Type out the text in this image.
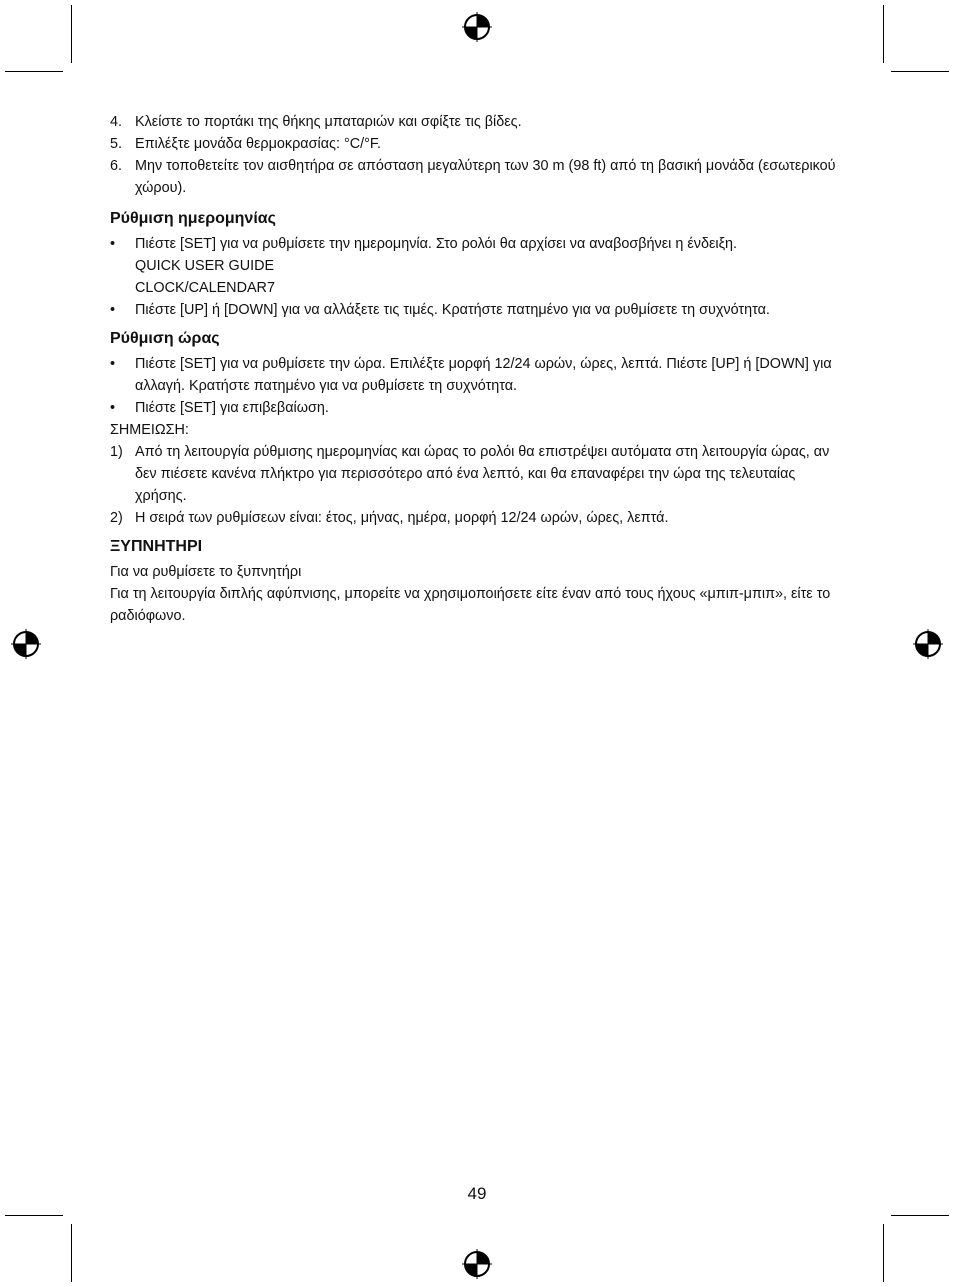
4. Κλείστε το πορτάκι της θήκης μπαταριών και σφίξτε τις βίδες.
5. Επιλέξτε μονάδα θερμοκρασίας: °C/°F.
6. Μην τοποθετείτε τον αισθητήρα σε απόσταση μεγαλύτερη των 30 m (98 ft) από τη βασική μονάδα (εσωτερικού χώρου).
Ρύθμιση ημερομηνίας
•	Πιέστε [SET] για να ρυθμίσετε την ημερομηνία. Στο ρολόι θα αρχίσει να αναβοσβήνει η ένδειξη.
QUICK USER GUIDE
CLOCK/CALENDAR7
•	Πιέστε [UP] ή [DOWN] για να αλλάξετε τις τιμές. Κρατήστε πατημένο για να ρυθμίσετε τη συχνότητα.
Ρύθμιση ώρας
•	Πιέστε [SET] για να ρυθμίσετε την ώρα. Επιλέξτε μορφή 12/24 ωρών, ώρες, λεπτά. Πιέστε [UP] ή [DOWN] για αλλαγή. Κρατήστε πατημένο για να ρυθμίσετε τη συχνότητα.
•	Πιέστε [SET] για επιβεβαίωση.
ΣΗΜΕΙΩΣΗ:
1) Από τη λειτουργία ρύθμισης ημερομηνίας και ώρας το ρολόι θα επιστρέψει αυτόματα στη λειτουργία ώρας, αν δεν πιέσετε κανένα πλήκτρο για περισσότερο από ένα λεπτό, και θα επαναφέρει την ώρα της τελευταίας χρήσης.
2) Η σειρά των ρυθμίσεων είναι: έτος, μήνας, ημέρα, μορφή 12/24 ωρών, ώρες, λεπτά.
ΞΥΠΝΗΤΗΡΙ
Για να ρυθμίσετε το ξυπνητήρι
Για τη λειτουργία διπλής αφύπνισης, μπορείτε να χρησιμοποιήσετε είτε έναν από τους ήχους «μπιπ-μπιπ», είτε το ραδιόφωνο.
49
